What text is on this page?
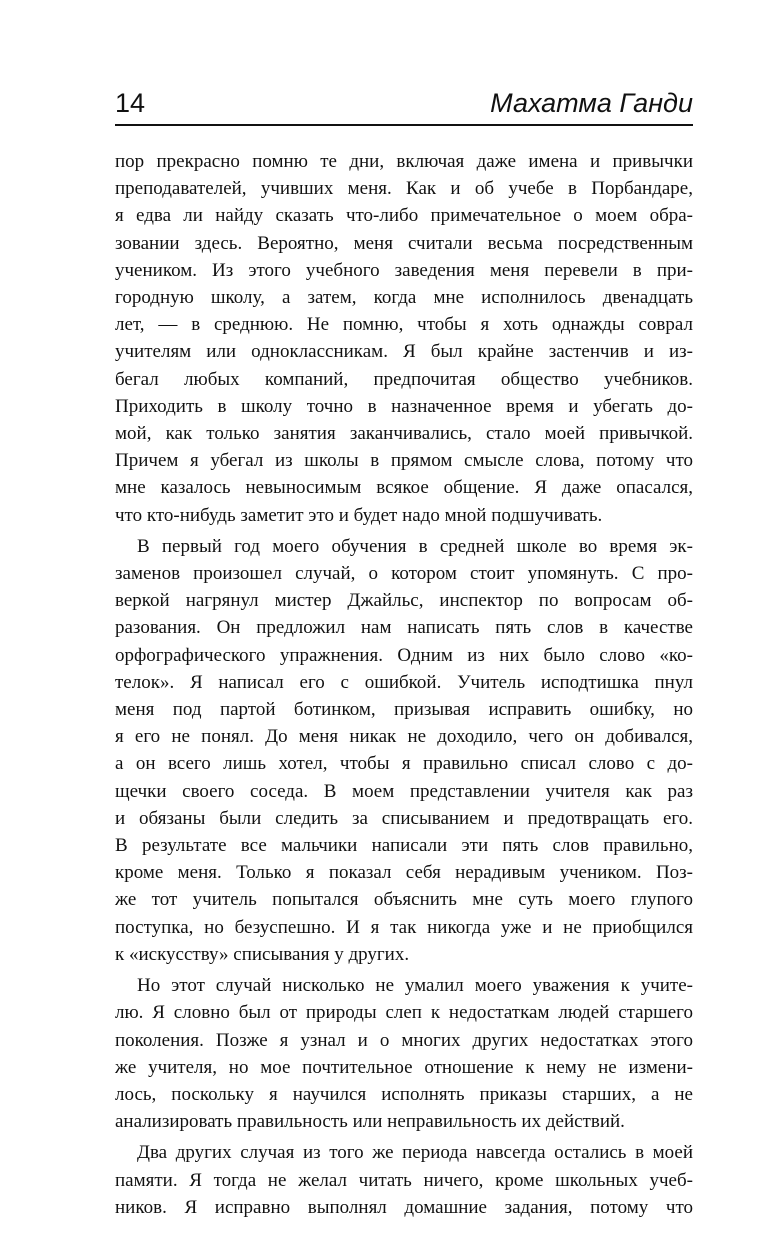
14	Махатма Ганди

пор прекрасно помню те дни, включая даже имена и привычки
преподавателей, учивших меня. Как и об учебе в Порбандаре,
я едва ли найду сказать что-либо примечательное о моем обра-
зовании здесь. Вероятно, меня считали весьма посредственным
учеником. Из этого учебного заведения меня перевели в при-
городную школу, а затем, когда мне исполнилось двенадцать
лет, — в среднюю. Не помню, чтобы я хоть однажды соврал
учителям или одноклассникам. Я был крайне застенчив и из-
бегал любых компаний, предпочитая общество учебников.
Приходить в школу точно в назначенное время и убегать до-
мой, как только занятия заканчивались, стало моей привычкой.
Причем я убегал из школы в прямом смысле слова, потому что
мне казалось невыносимым всякое общение. Я даже опасался,
что кто-нибудь заметит это и будет надо мной подшучивать.

В первый год моего обучения в средней школе во время эк-
заменов произошел случай, о котором стоит упомянуть. С про-
веркой нагрянул мистер Джайльс, инспектор по вопросам об-
разования. Он предложил нам написать пять слов в качестве
орфографического упражнения. Одним из них было слово «ко-
телок». Я написал его с ошибкой. Учитель исподтишка пнул
меня под партой ботинком, призывая исправить ошибку, но
я его не понял. До меня никак не доходило, чего он добивался,
а он всего лишь хотел, чтобы я правильно списал слово с до-
щечки своего соседа. В моем представлении учителя как раз
и обязаны были следить за списыванием и предотвращать его.
В результате все мальчики написали эти пять слов правильно,
кроме меня. Только я показал себя нерадивым учеником. Поз-
же тот учитель попытался объяснить мне суть моего глупого
поступка, но безуспешно. И я так никогда уже и не приобщился
к «искусству» списывания у других.

Но этот случай нисколько не умалил моего уважения к учите-
лю. Я словно был от природы слеп к недостаткам людей старшего
поколения. Позже я узнал и о многих других недостатках этого
же учителя, но мое почтительное отношение к нему не измени-
лось, поскольку я научился исполнять приказы старших, а не
анализировать правильность или неправильность их действий.

Два других случая из того же периода навсегда остались в моей
памяти. Я тогда не желал читать ничего, кроме школьных учеб-
ников. Я исправно выполнял домашние задания, потому что
